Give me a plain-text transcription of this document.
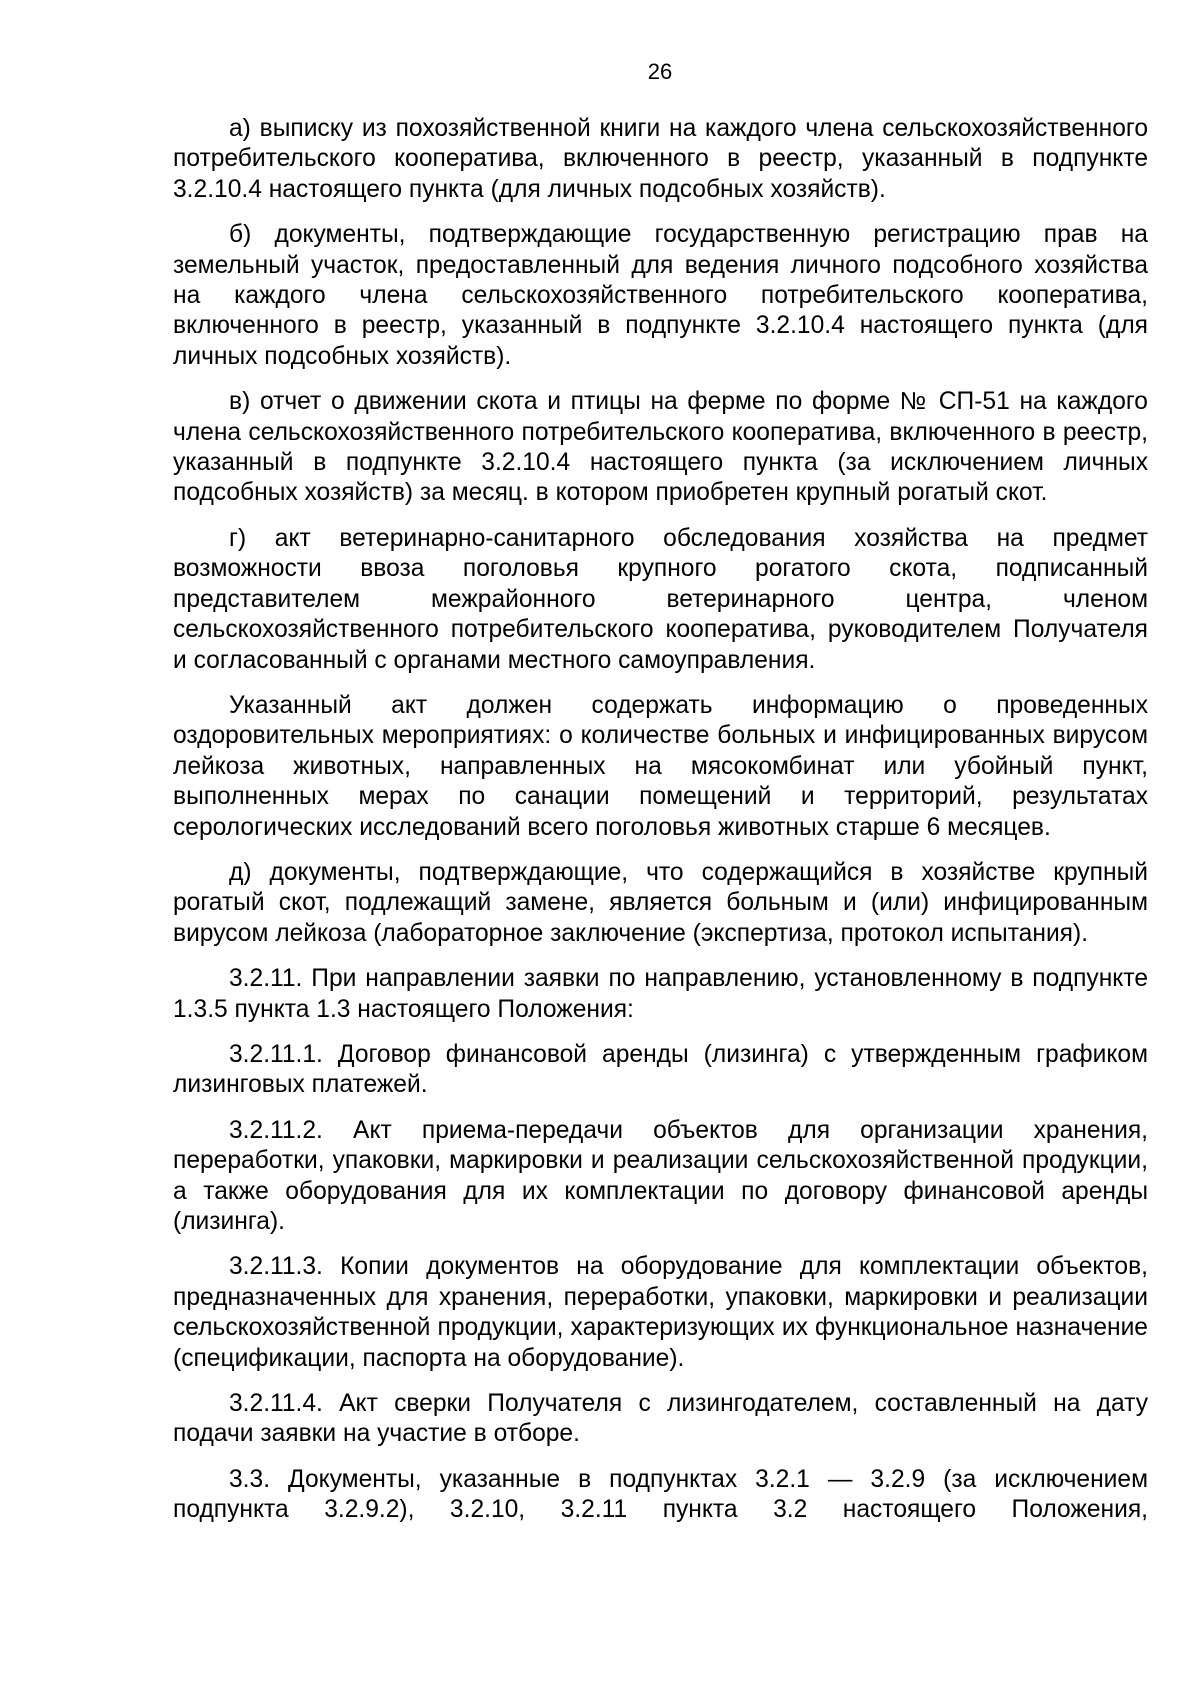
26

а) выписку из похозяйственной книги на каждого члена сельскохозяйственного потребительского кооператива, включенного в реестр, указанный в подпункте 3.2.10.4 настоящего пункта (для личных подсобных хозяйств).

б) документы, подтверждающие государственную регистрацию прав на земельный участок, предоставленный для ведения личного подсобного хозяйства на каждого члена сельскохозяйственного потребительского кооператива, включенного в реестр, указанный в подпункте 3.2.10.4 настоящего пункта (для личных подсобных хозяйств).

в) отчет о движении скота и птицы на ферме по форме № СП-51 на каждого члена сельскохозяйственного потребительского кооператива, включенного в реестр, указанный в подпункте 3.2.10.4 настоящего пункта (за исключением личных подсобных хозяйств) за месяц. в котором приобретен крупный рогатый скот.

г) акт ветеринарно-санитарного обследования хозяйства на предмет возможности ввоза поголовья крупного рогатого скота, подписанный представителем межрайонного ветеринарного центра, членом сельскохозяйственного потребительского кооператива, руководителем Получателя и согласованный с органами местного самоуправления.

Указанный акт должен содержать информацию о проведенных оздоровительных мероприятиях: о количестве больных и инфицированных вирусом лейкоза животных, направленных на мясокомбинат или убойный пункт, выполненных мерах по санации помещений и территорий, результатах серологических исследований всего поголовья животных старше 6 месяцев.

д) документы, подтверждающие, что содержащийся в хозяйстве крупный рогатый скот, подлежащий замене, является больным и (или) инфицированным вирусом лейкоза (лабораторное заключение (экспертиза, протокол испытания).

3.2.11. При направлении заявки по направлению, установленному в подпункте 1.3.5 пункта 1.3 настоящего Положения:

3.2.11.1. Договор финансовой аренды (лизинга) с утвержденным графиком лизинговых платежей.

3.2.11.2. Акт приема-передачи объектов для организации хранения, переработки, упаковки, маркировки и реализации сельскохозяйственной продукции, а также оборудования для их комплектации по договору финансовой аренды (лизинга).

3.2.11.3. Копии документов на оборудование для комплектации объектов, предназначенных для хранения, переработки, упаковки, маркировки и реализации сельскохозяйственной продукции, характеризующих их функциональное назначение (спецификации, паспорта на оборудование).

3.2.11.4. Акт сверки Получателя с лизингодателем, составленный на дату подачи заявки на участие в отборе.

3.3. Документы, указанные в подпунктах 3.2.1 — 3.2.9 (за исключением подпункта 3.2.9.2), 3.2.10, 3.2.11 пункта 3.2 настоящего Положения,
